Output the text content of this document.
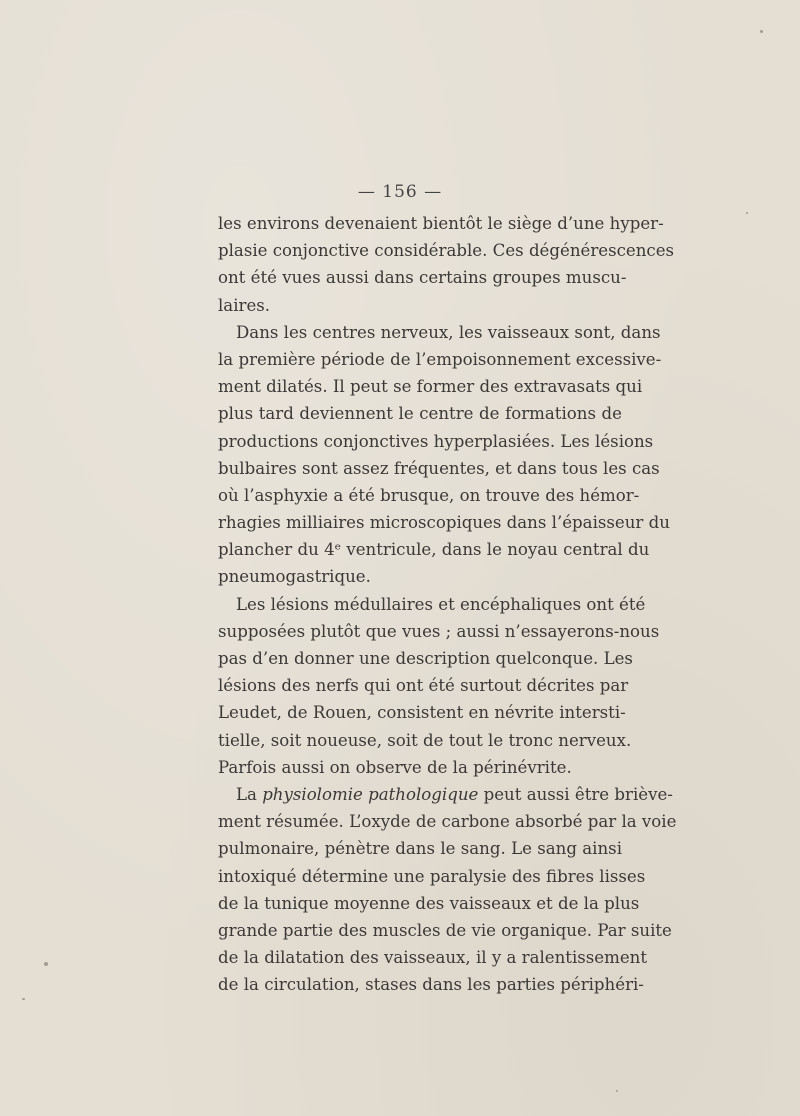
— 156 —
les environs devenaient bientôt le siège d’une hyper-
plasie conjonctive considérable. Ces dégénérescences
ont été vues aussi dans certains groupes muscu-
laires.
Dans les centres nerveux, les vaisseaux sont, dans
la première période de l’empoisonnement excessive-
ment dilatés. Il peut se former des extravasats qui
plus tard deviennent le centre de formations de
productions conjonctives hyperplasiées. Les lésions
bulbaires sont assez fréquentes, et dans tous les cas
où l’asphyxie a été brusque, on trouve des hémor-
rhagies milliaires microscopiques dans l’épaisseur du
plancher du 4ᵉ ventricule, dans le noyau central du
pneumogastrique.
Les lésions médullaires et encéphaliques ont été
supposées plutôt que vues ; aussi n’essayerons-nous
pas d’en donner une description quelconque. Les
lésions des nerfs qui ont été surtout décrites par
Leudet, de Rouen, consistent en névrite intersti-
tielle, soit noueuse, soit de tout le tronc nerveux.
Parfois aussi on observe de la périnévrite.
La physiolomie pathologique peut aussi être briève-
ment résumée. L’oxyde de carbone absorbé par la voie
pulmonaire, pénètre dans le sang. Le sang ainsi
intoxiqué détermine une paralysie des fibres lisses
de la tunique moyenne des vaisseaux et de la plus
grande partie des muscles de vie organique. Par suite
de la dilatation des vaisseaux, il y a ralentissement
de la circulation, stases dans les parties périphéri-
